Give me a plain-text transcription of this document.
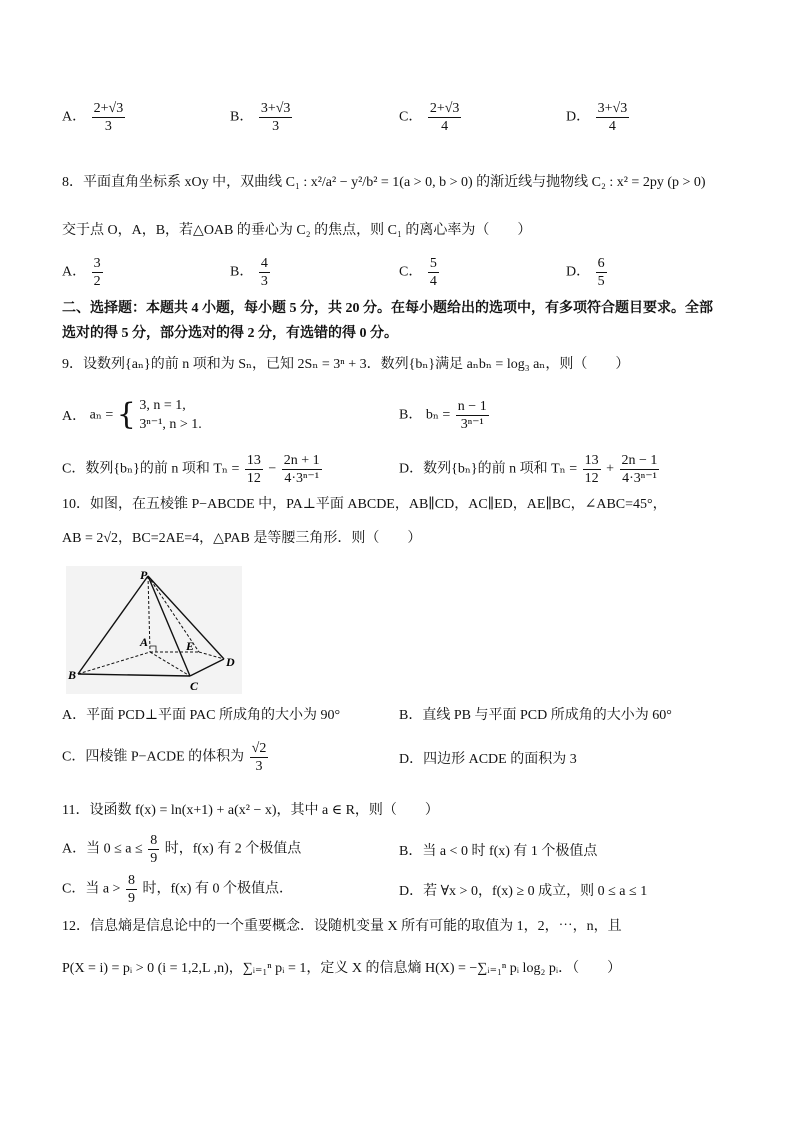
A． $\frac{2+√3}{3}$	B． $\frac{3+√3}{3}$	C． $\frac{2+√3}{4}$	D． $\frac{3+√3}{4}$
8．平面直角坐标系 xOy 中，双曲线 C₁ : x²/a² − y²/b² = 1(a > 0, b > 0) 的渐近线与抛物线 C₂ : x² = 2py (p > 0)
交于点 O，A，B，若△OAB 的垂心为 C₂ 的焦点，则 C₁ 的离心率为（　　）
A． $\frac{3}{2}$	B． $\frac{4}{3}$	C． $\frac{5}{4}$	D． $\frac{6}{5}$
二、选择题：本题共 4 小题，每小题 5 分，共 20 分。在每小题给出的选项中，有多项符合题目要求。全部
选对的得 5 分，部分选对的得 2 分，有选错的得 0 分。
9．设数列{aₙ}的前 n 项和为 Sₙ，已知 2Sₙ = 3ⁿ + 3．数列{bₙ}满足 aₙbₙ = log₃ aₙ，则（　　）
A． aₙ = { 3, n = 1,
3ⁿ⁻¹, n > 1.
B． $b_n = \frac{n - 1}{\text{3ⁿ⁻¹}}$
C．数列{bₙ}的前 n 项和 $T_n = \frac{13}{12} - \frac{2n + 1}{\text{4·3ⁿ⁻¹}}$	D．数列{bₙ}的前 n 项和 $T_n = \frac{13}{12} + \frac{2n - 1}{\text{4·3ⁿ⁻¹}}$
10．如图，在五棱锥 P−ABCDE 中，PA⊥平面 ABCDE，AB∥CD，AC∥ED，AE∥BC，∠ABC=45°，
AB = 2√2，BC=2AE=4，△PAB 是等腰三角形．则（　　）
P
A
B
C
D
E
A．平面 PCD⊥平面 PAC 所成角的大小为 90°	B．直线 PB 与平面 PCD 所成角的大小为 60°
C．四棱锥 P−ACDE 的体积为 $\frac{√2}{3}$	D．四边形 ACDE 的面积为 3
11．设函数 f(x) = ln(x+1) + a(x² − x)，其中 a ∈ R，则（　　）
A．当 $0 \le a \le \frac{8}{9}$ 时，f(x) 有 2 个极值点	B．当 a < 0 时 f(x) 有 1 个极值点
C．当 $a > \frac{8}{9}$ 时，f(x) 有 0 个极值点．	D．若 ∀x > 0，f(x) ≥ 0 成立，则 0 ≤ a ≤ 1
12．信息熵是信息论中的一个重要概念．设随机变量 X 所有可能的取值为 1，2，⋯，n，且
P(X = i) = pᵢ > 0 (i = 1,2,L ,n)，∑ᵢ₌₁ⁿ pᵢ = 1，定义 X 的信息熵 H(X) = −∑ᵢ₌₁ⁿ pᵢ log₂ pᵢ．（　　）
